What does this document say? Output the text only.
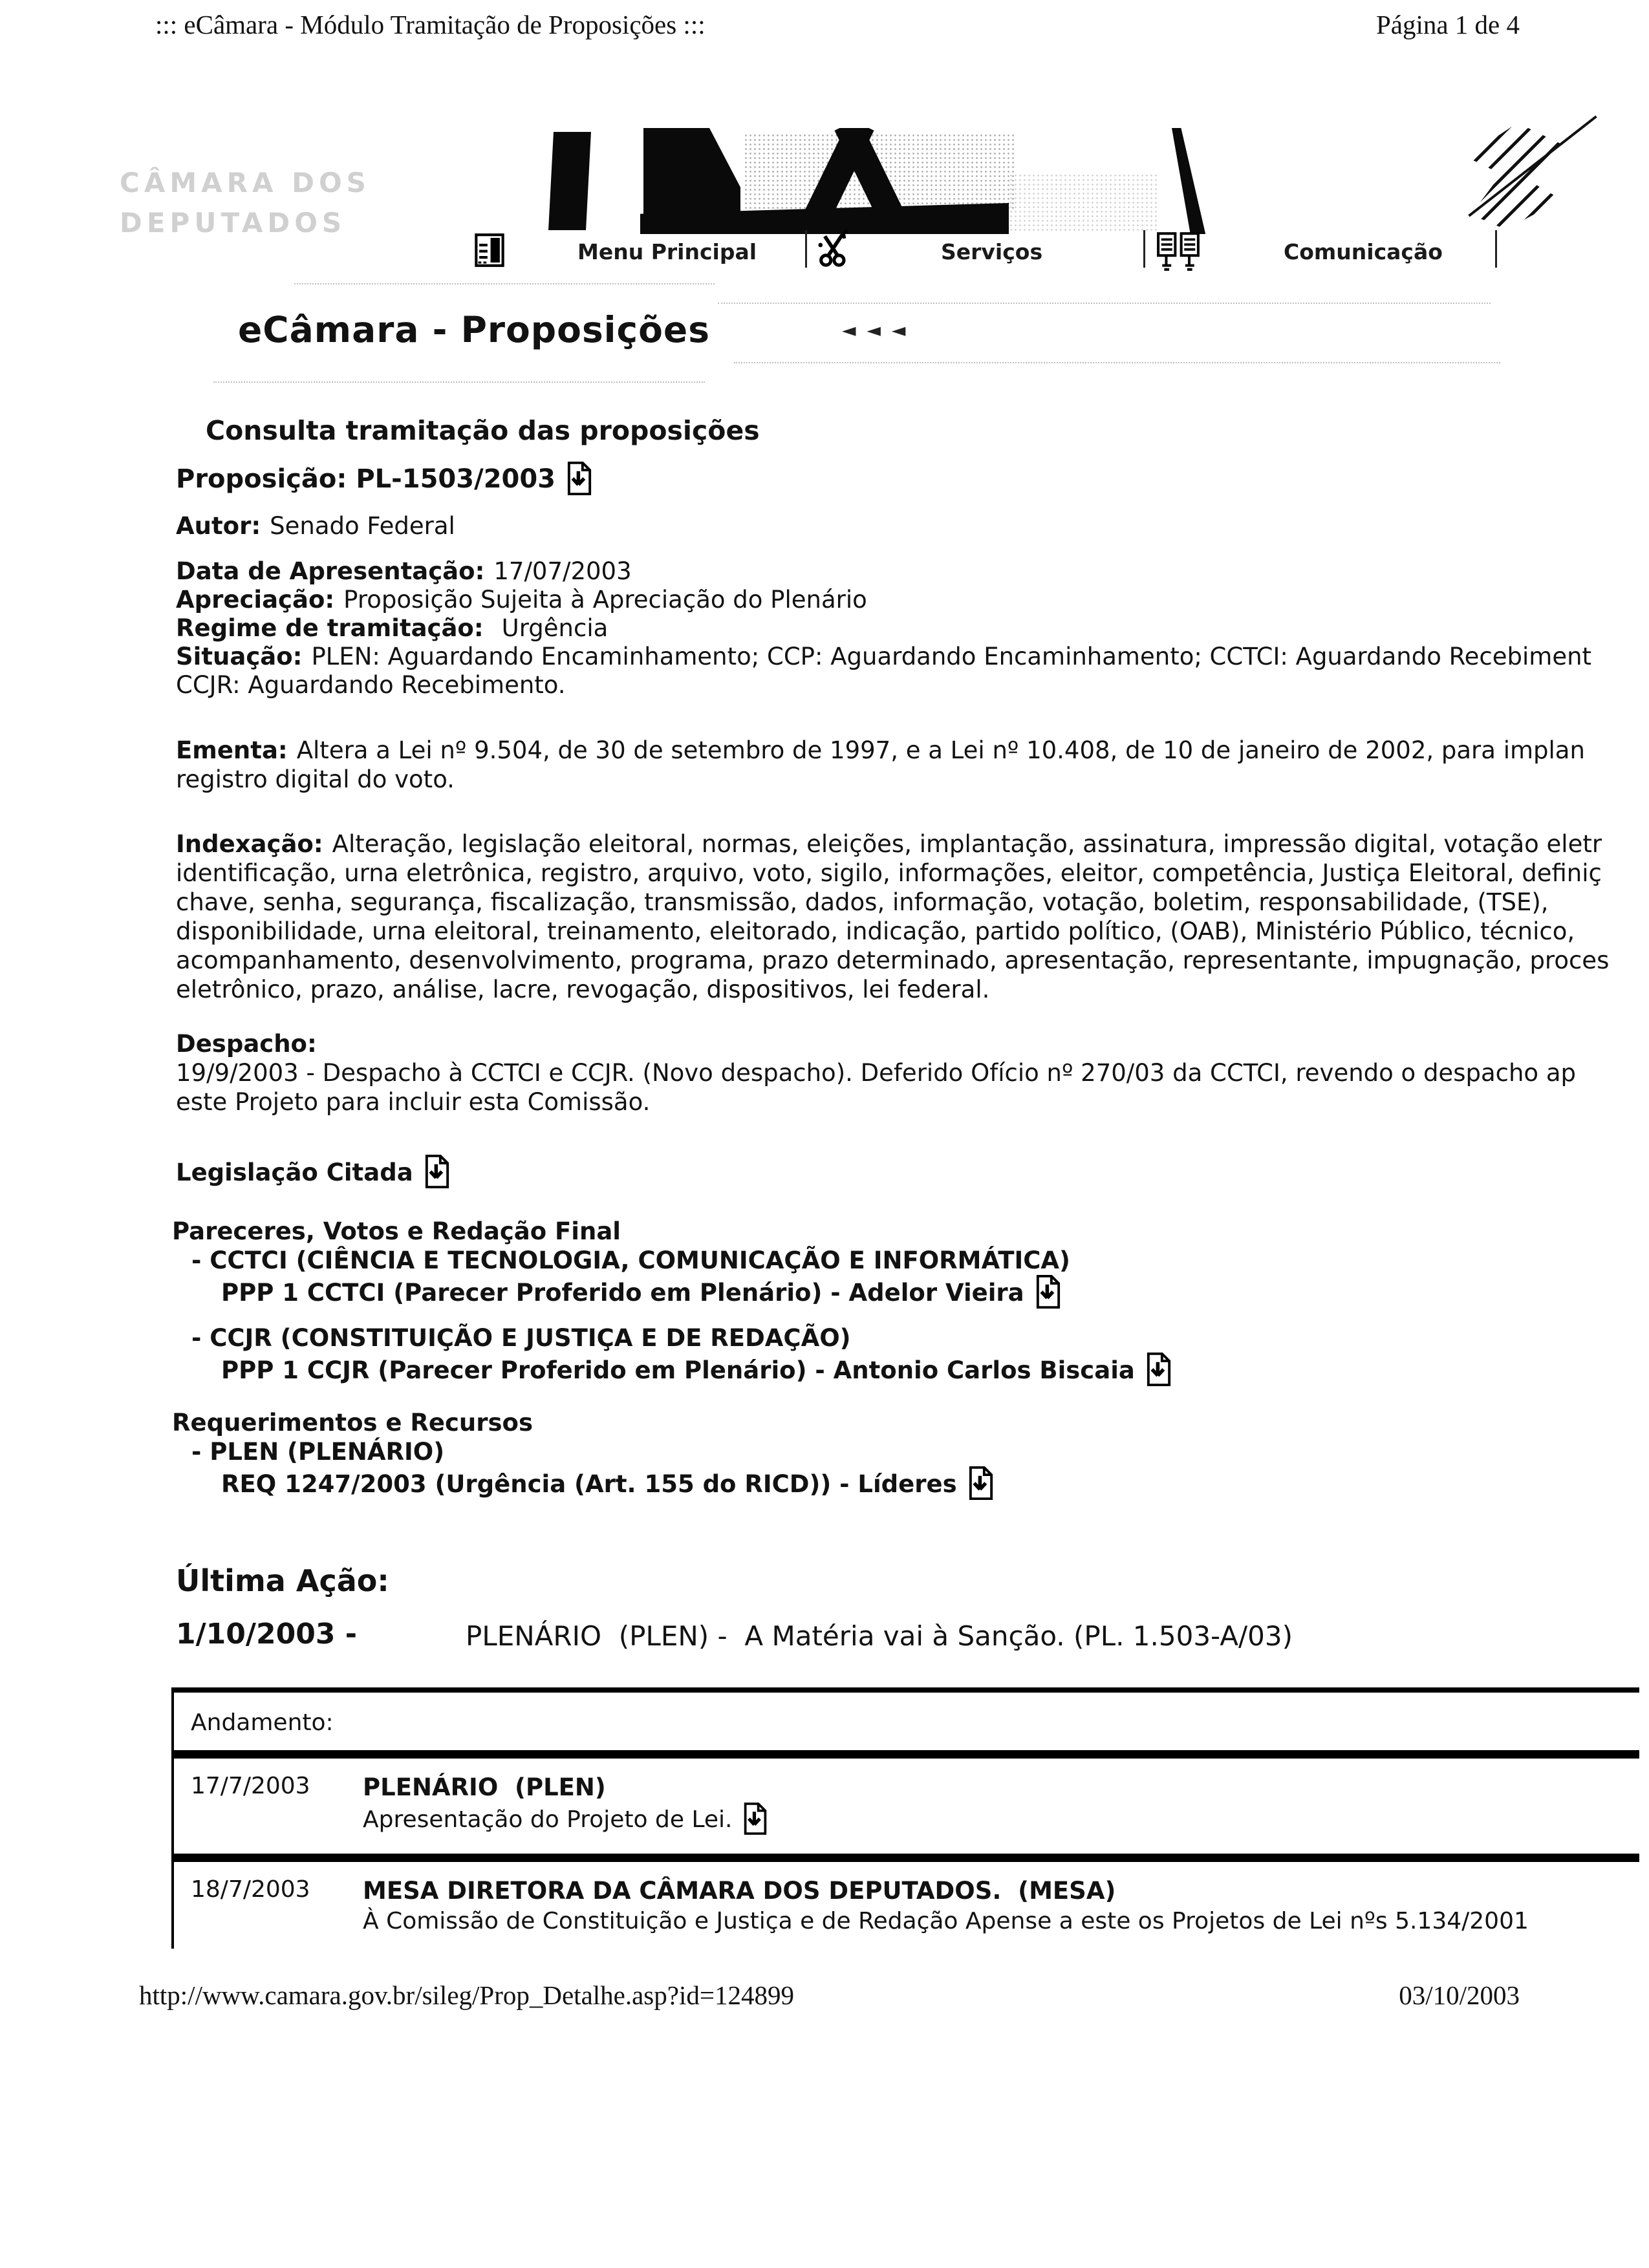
::: eCâmara - Módulo Tramitação de Proposições :::	Página 1 de 4
CÂMARA DOS
DEPUTADOS
Menu Principal	Serviços	Comunicação
eCâmara - Proposições	◄ ◄ ◄
Consulta tramitação das proposições
Proposição: PL-1503/2003
Autor: Senado Federal
Data de Apresentação: 17/07/2003
Apreciação: Proposição Sujeita à Apreciação do Plenário
Regime de tramitação: Urgência
Situação: PLEN: Aguardando Encaminhamento; CCP: Aguardando Encaminhamento; CCTCI: Aguardando Recebiment
CCJR: Aguardando Recebimento.
Ementa: Altera a Lei nº 9.504, de 30 de setembro de 1997, e a Lei nº 10.408, de 10 de janeiro de 2002, para implan
registro digital do voto.
Indexação: Alteração, legislação eleitoral, normas, eleições, implantação, assinatura, impressão digital, votação eletr
identificação, urna eletrônica, registro, arquivo, voto, sigilo, informações, eleitor, competência, Justiça Eleitoral, definiç
chave, senha, segurança, fiscalização, transmissão, dados, informação, votação, boletim, responsabilidade, (TSE),
disponibilidade, urna eleitoral, treinamento, eleitorado, indicação, partido político, (OAB), Ministério Público, técnico,
acompanhamento, desenvolvimento, programa, prazo determinado, apresentação, representante, impugnação, proces
eletrônico, prazo, análise, lacre, revogação, dispositivos, lei federal.
Despacho:
19/9/2003 - Despacho à CCTCI e CCJR. (Novo despacho). Deferido Ofício nº 270/03 da CCTCI, revendo o despacho ap
este Projeto para incluir esta Comissão.
Legislação Citada
Pareceres, Votos e Redação Final
- CCTCI (CIÊNCIA E TECNOLOGIA, COMUNICAÇÃO E INFORMÁTICA)
PPP 1 CCTCI (Parecer Proferido em Plenário) - Adelor Vieira
- CCJR (CONSTITUIÇÃO E JUSTIÇA E DE REDAÇÃO)
PPP 1 CCJR (Parecer Proferido em Plenário) - Antonio Carlos Biscaia
Requerimentos e Recursos
- PLEN (PLENÁRIO)
REQ 1247/2003 (Urgência (Art. 155 do RICD)) - Líderes
Última Ação:
1/10/2003 -	PLENÁRIO  (PLEN) -  A Matéria vai à Sanção. (PL. 1.503-A/03)
Andamento:
17/7/2003	PLENÁRIO  (PLEN)
Apresentação do Projeto de Lei.
18/7/2003	MESA DIRETORA DA CÂMARA DOS DEPUTADOS.  (MESA)
À Comissão de Constituição e Justiça e de Redação Apense a este os Projetos de Lei nºs 5.134/2001
http://www.camara.gov.br/sileg/Prop_Detalhe.asp?id=124899	03/10/2003
